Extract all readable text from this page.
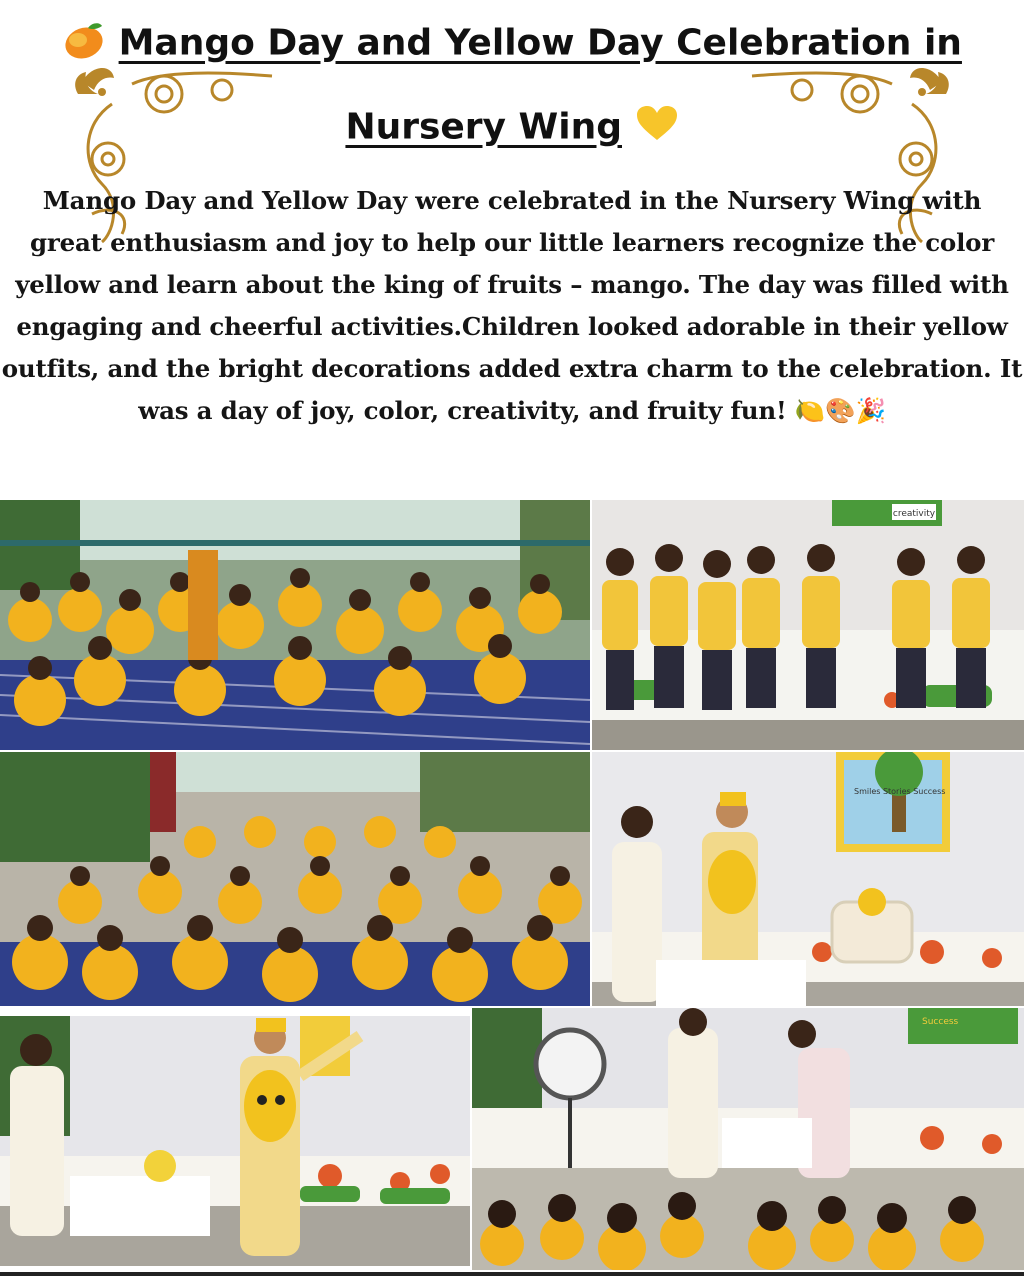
Mango Day and Yellow Day Celebration in
Nursery Wing
Mango Day and Yellow Day were celebrated in the Nursery Wing with
great enthusiasm and joy to help our little learners recognize the color
yellow and learn about the king of fruits – mango. The day was filled with
engaging and cheerful activities.Children looked adorable in their yellow
outfits, and the bright decorations added extra charm to the celebration. It
was a day of joy, color, creativity, and fruity fun! 🍋🎨🎉
creativity
Smiles Stories Success
Success
